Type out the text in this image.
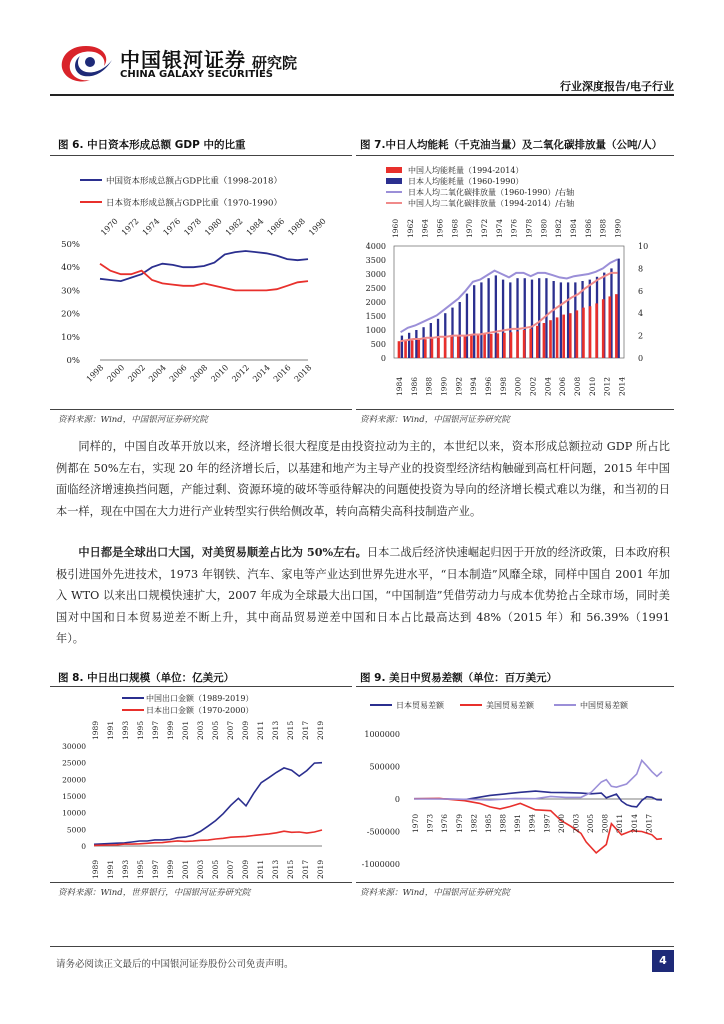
中国银河证券
CHINA GALAXY SECURITIES
研究院
行业深度报告/电子行业
图 6. 中日资本形成总额 GDP 中的比重
中国资本形成总额占GDP比重（1998-2018）
日本资本形成总额占GDP比重（1970-1990）
1970 1972 1974 1976 1978 1980 1982 1984 1986 1988 1990
0%
10%
20%
30%
40%
50%
1998 2000 2002 2004 2006 2008 2010 2012 2014 2016 2018
资料来源：Wind，中国银河证券研究院
图 7.中日人均能耗（千克油当量）及二氧化碳排放量（公吨/人）
中国人均能耗量（1994-2014）
日本人均能耗量（1960-1990）
日本人均二氧化碳排放量（1960-1990）/右轴
中国人均二氧化碳排放量（1994-2014）/右轴
1960 1962 1964 1966 1968 1970 1972 1974 1976 1978 1980 1982 1984 1986 1988 1990
0
500
1000
1500
2000
2500
3000
3500
4000
0
2
4
6
8
10
1984 1986 1988 1990 1992 1994 1996 1998 2000 2002 2004 2006 2008 2010 2012 2014
资料来源：Wind，中国银河证券研究院

同样的，中国自改革开放以来，经济增长很大程度是由投资拉动为主的，本世纪以来，资本形成总额拉动 GDP 所占比例都在 50%左右，实现 20 年的经济增长后，以基建和地产为主导产业的投资型经济结构触碰到高杠杆问题，2015 年中国面临经济增速换挡问题，产能过剩、资源环境的破坏等亟待解决的问题使投资为导向的经济增长模式难以为继，和当初的日本一样，现在中国在大力进行产业转型实行供给侧改革，转向高精尖高科技制造产业。

中日都是全球出口大国，对美贸易顺差占比为 50%左右。日本二战后经济快速崛起归因于开放的经济政策，日本政府积极引进国外先进技术，1973 年钢铁、汽车、家电等产业达到世界先进水平，“日本制造”风靡全球，同样中国自 2001 年加入 WTO 以来出口规模快速扩大，2007 年成为全球最大出口国，“中国制造”凭借劳动力与成本优势抢占全球市场，同时美国对中国和日本贸易逆差不断上升，其中商品贸易逆差中国和日本占比最高达到 48%（2015 年）和 56.39%（1991 年）。

图 8. 中日出口规模（单位：亿美元）
中国出口金额（1989-2019）
日本出口金额（1970-2000）
1989 1991 1993 1995 1997 1999 2001 2003 2005 2007 2009 2011 2013 2015 2017 2019
0
5000
10000
15000
20000
25000
30000
1989 1991 1993 1995 1997 1999 2001 2003 2005 2007 2009 2011 2013 2015 2017 2019
资料来源：Wind，世界银行，中国银河证券研究院
图 9. 美日中贸易差额（单位：百万美元）
日本贸易差额	美国贸易差额	中国贸易差额
1000000
500000
0
-500000
-1000000
1970 1973 1976 1979 1982 1985 1988 1991 1994 1997 2000 2003 2005 2008 2011 2014 2017
资料来源：Wind，中国银河证券研究院
请务必阅读正文最后的中国银河证券股份公司免责声明。	4
